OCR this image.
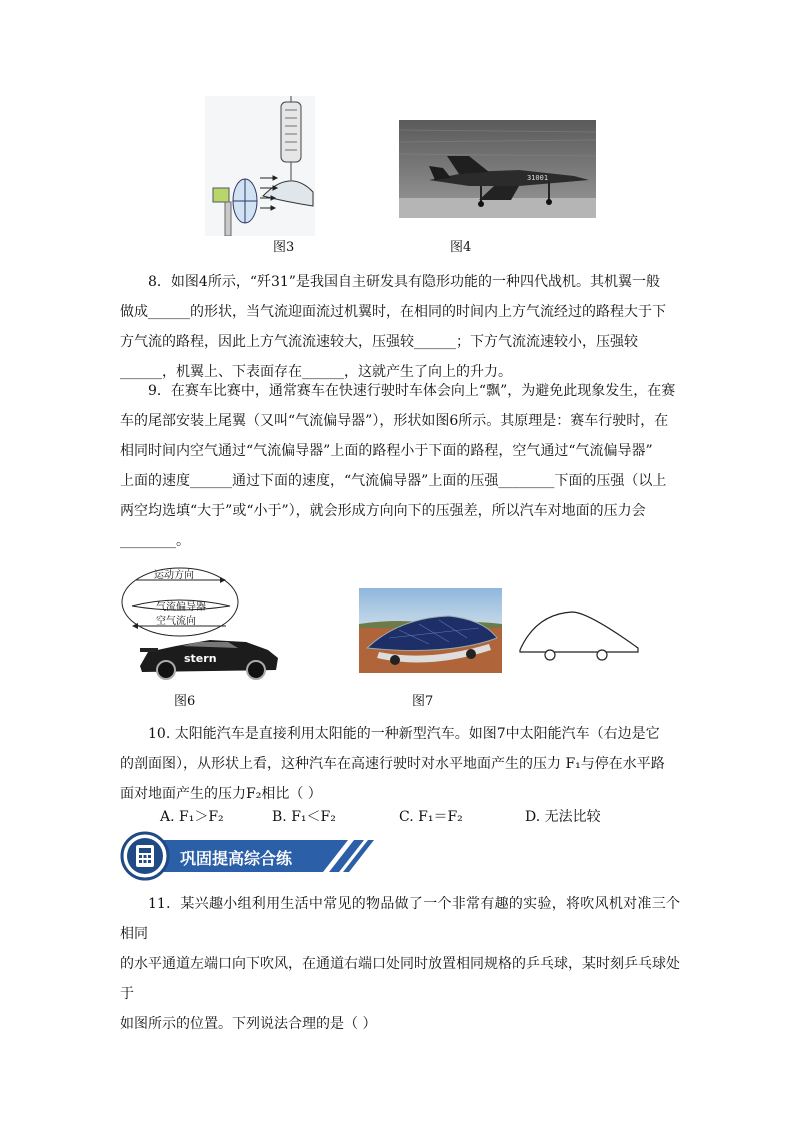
图3
31001
图4
8．如图4所示，“歼31”是我国自主研发具有隐形功能的一种四代战机。其机翼一般
做成______的形状，当气流迎面流过机翼时，在相同的时间内上方气流经过的路程大于下
方气流的路程，因此上方气流流速较大，压强较______；下方气流流速较小，压强较
______，机翼上、下表面存在______，这就产生了向上的升力。
9．在赛车比赛中，通常赛车在快速行驶时车体会向上“飘”，为避免此现象发生，在赛
车的尾部安装上尾翼（又叫“气流偏导器”），形状如图6所示。其原理是：赛车行驶时，在
相同时间内空气通过“气流偏导器”上面的路程小于下面的路程，空气通过“气流偏导器”
上面的速度______通过下面的速度，“气流偏导器”上面的压强________下面的压强（以上
两空均选填“大于”或“小于”），就会形成方向向下的压强差，所以汽车对地面的压力会
________。
运动方向
气流偏导器
空气流向
stern
图6	图7
10. 太阳能汽车是直接利用太阳能的一种新型汽车。如图7中太阳能汽车（右边是它
的剖面图），从形状上看，这种汽车在高速行驶时对水平地面产生的压力 F₁与停在水平路
面对地面产生的压力F₂相比（ ）
A. F₁＞F₂	B. F₁＜F₂	C. F₁＝F₂	D. 无法比较
巩固提高综合练
11．某兴趣小组利用生活中常见的物品做了一个非常有趣的实验，将吹风机对准三个相同
的水平通道左端口向下吹风，在通道右端口处同时放置相同规格的乒乓球，某时刻乒乓球处于
如图所示的位置。下列说法合理的是（ ）
